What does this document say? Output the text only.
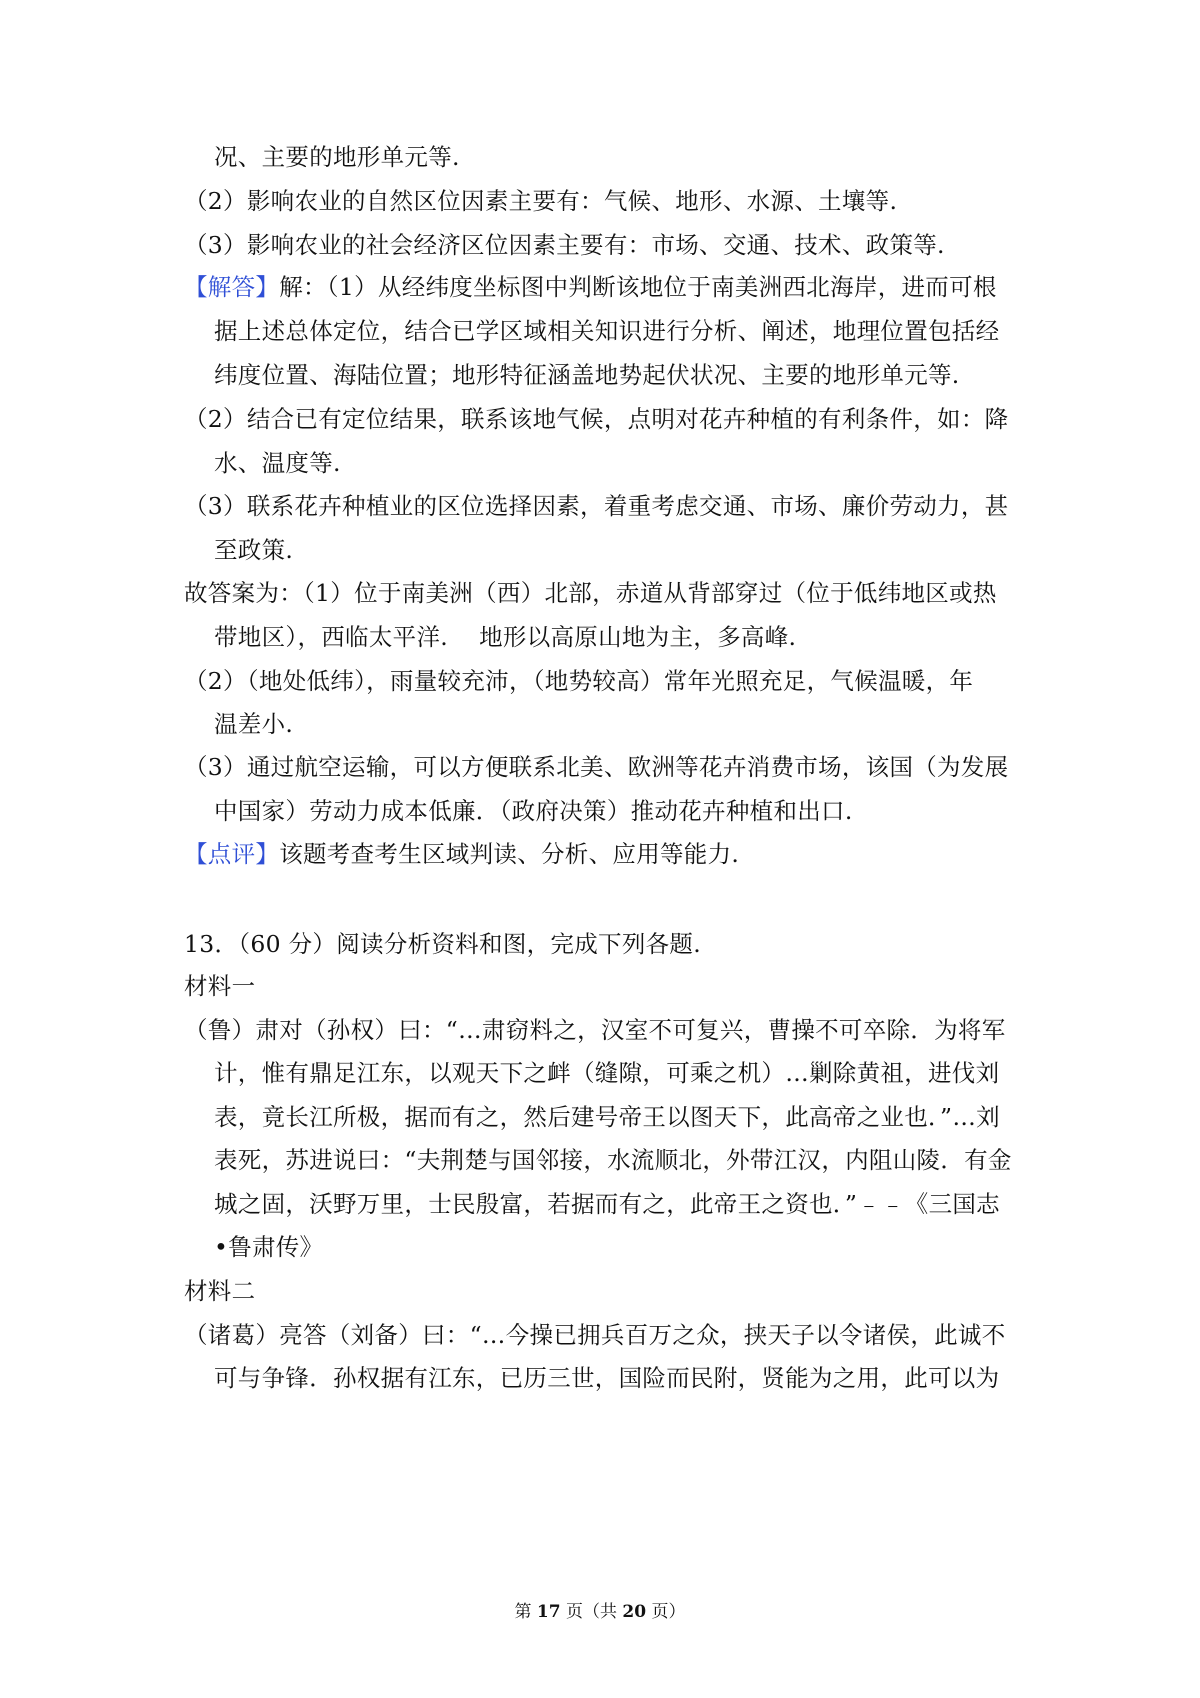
况、主要的地形单元等.
（2）影响农业的自然区位因素主要有：气候、地形、水源、土壤等.
（3）影响农业的社会经济区位因素主要有：市场、交通、技术、政策等.
【解答】解：（1）从经纬度坐标图中判断该地位于南美洲西北海岸，进而可根
据上述总体定位，结合已学区域相关知识进行分析、阐述，地理位置包括经
纬度位置、海陆位置；地形特征涵盖地势起伏状况、主要的地形单元等.
（2）结合已有定位结果，联系该地气候，点明对花卉种植的有利条件，如：降
水、温度等.
（3）联系花卉种植业的区位选择因素，着重考虑交通、市场、廉价劳动力，甚
至政策.
故答案为：（1）位于南美洲（西）北部，赤道从背部穿过（位于低纬地区或热
带地区），西临太平洋.    地形以高原山地为主，多高峰.
（2）（地处低纬），雨量较充沛，（地势较高）常年光照充足，气候温暖，年
温差小.
（3）通过航空运输，可以方便联系北美、欧洲等花卉消费市场，该国（为发展
中国家）劳动力成本低廉．（政府决策）推动花卉种植和出口.
【点评】该题考查考生区域判读、分析、应用等能力.
13．（60 分）阅读分析资料和图，完成下列各题.
材料一
（鲁）肃对（孙权）曰：“…肃窃料之，汉室不可复兴，曹操不可卒除．为将军
计，惟有鼎足江东，以观天下之衅（缝隙，可乘之机）…剿除黄祖，进伐刘
表，竟长江所极，据而有之，然后建号帝王以图天下，此高帝之业也．”…刘
表死，苏进说曰：“夫荆楚与国邻接，水流顺北，外带江汉，内阻山陵．有金
城之固，沃野万里，士民殷富，若据而有之，此帝王之资也．”﹣﹣《三国志
•鲁肃传》
材料二
（诸葛）亮答（刘备）曰：“…今操已拥兵百万之众，挟天子以令诸侯，此诚不
可与争锋．孙权据有江东，已历三世，国险而民附，贤能为之用，此可以为
第 17 页（共 20 页）
